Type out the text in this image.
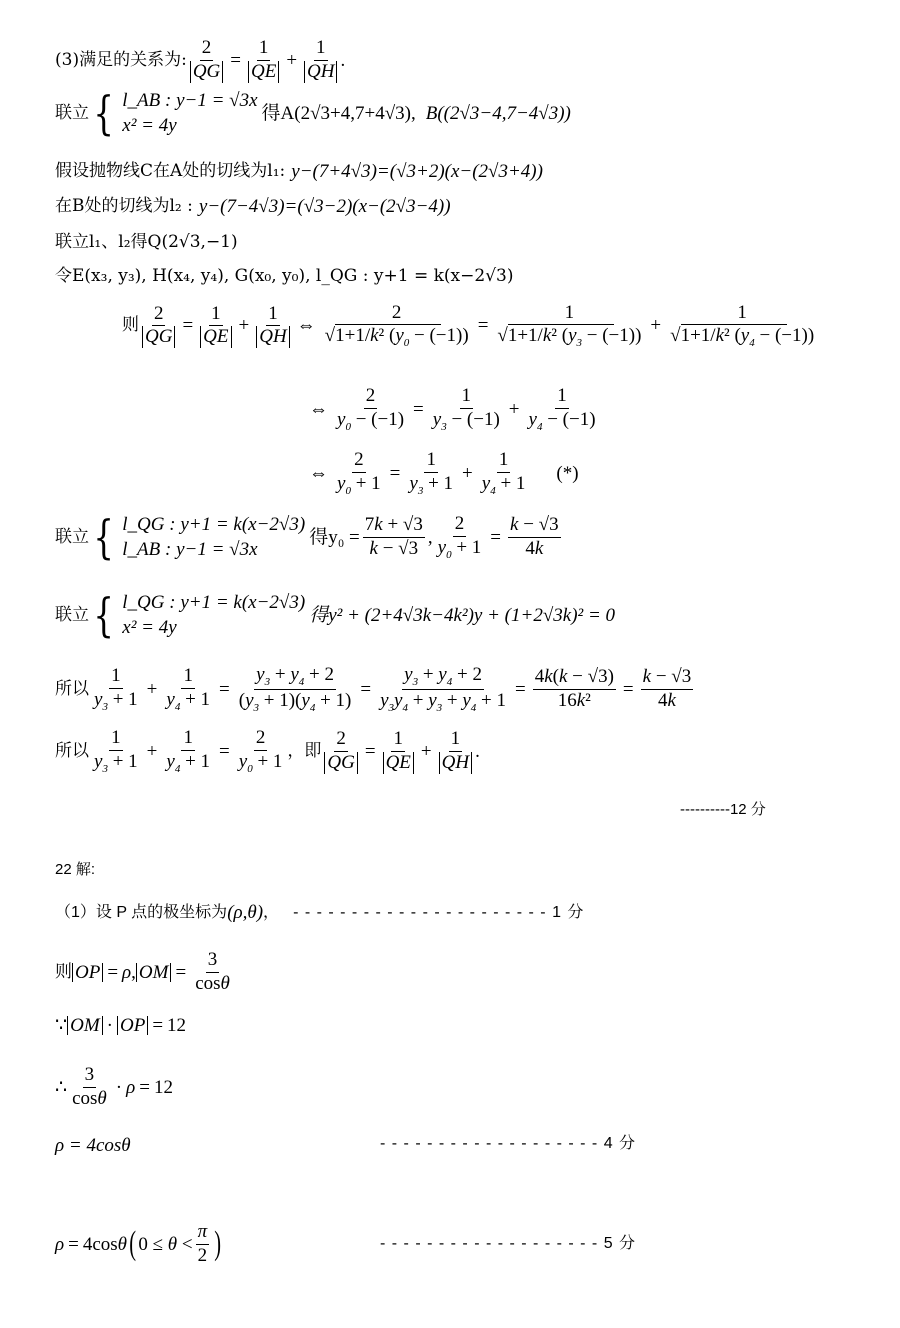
(3)满足的关系为: $\frac{2}{QG} = \frac{1}{QE} + \frac{1}{QH}$ .
联立 { l_AB : y−1 = √3x
x² = 4y
得A(2√3+4,7+4√3), B((2√3−4,7−4√3))
假设抛物线C在A处的切线为l₁: y−(7+4√3)=(√3+2)(x−(2√3+4))
在B处的切线为l₂ : y−(7−4√3)=(√3−2)(x−(2√3−4))
联立l₁、l₂得Q(2√3,−1)
令E(x₃, y₃), H(x₄, y₄), G(x₀, y₀), l_QG : y+1 = k(x−2√3)
则 $\frac{2}{QG} = \frac{1}{QE} + \frac{1}{QH}$ ⇔ $\frac{2}{√1+1/k^2 (y_0 - (-1))} = \frac{1}{√1+1/k^2 (y_3 - (-1))} + \frac{1}{√1+1/k^2 (y_4 - (-1))}$
⇔ $\frac{2}{y_0 - (-1)} = \frac{1}{y_3 - (-1)} + \frac{1}{y_4 - (-1)}$
⇔ $\frac{2}{y_0 + 1} = \frac{1}{y_3 + 1} + \frac{1}{y_4 + 1}$ (*)
联立 { l_QG : y+1 = k(x−2√3)
l_AB : y−1 = √3x
得$y_0 = \frac{7k + √3}{k - √3}$ , $\frac{2}{y_0 + 1} = \frac{k - √3}{4k}$
联立 { l_QG : y+1 = k(x−2√3)
x² = 4y
得y² + (2+4√3k−4k²)y + (1+2√3k)² = 0
所以 $\frac{1}{y_3 + 1} + \frac{1}{y_4 + 1} = \frac{y_3 + y_4 + 2}{(y_3 + 1)(y_4 + 1)} = \frac{y_3 + y_4 + 2}{y_3y_4 + y_3 + y_4 + 1} = \frac{4k(k - √3)}{\text{16k²}} = \frac{k - √3}{4k}$
所以 $\frac{1}{y_3 + 1} + \frac{1}{y_4 + 1} = \frac{2}{y_0 + 1}$ ， 即 $\frac{2}{QG} = \frac{1}{QE} + \frac{1}{QH}$ .
----------12 分
22 解:
（1）设 P 点的极坐标为 (ρ,θ) ， - - - - - - - - - - - - - - - - - - - - - - 1 分
则 OP = ρ , OM = $\frac{3}{\cos\theta}$
∵ OM · OP = 12
∴ $\frac{3}{\cos\theta} \cdot \rho = 12$
ρ = 4cosθ	- - - - - - - - - - - - - - - - - - - 4 分
ρ = 4cosθ ( $0 \le \theta < \frac{\pi}{2}$ )	- - - - - - - - - - - - - - - - - - - 5 分
